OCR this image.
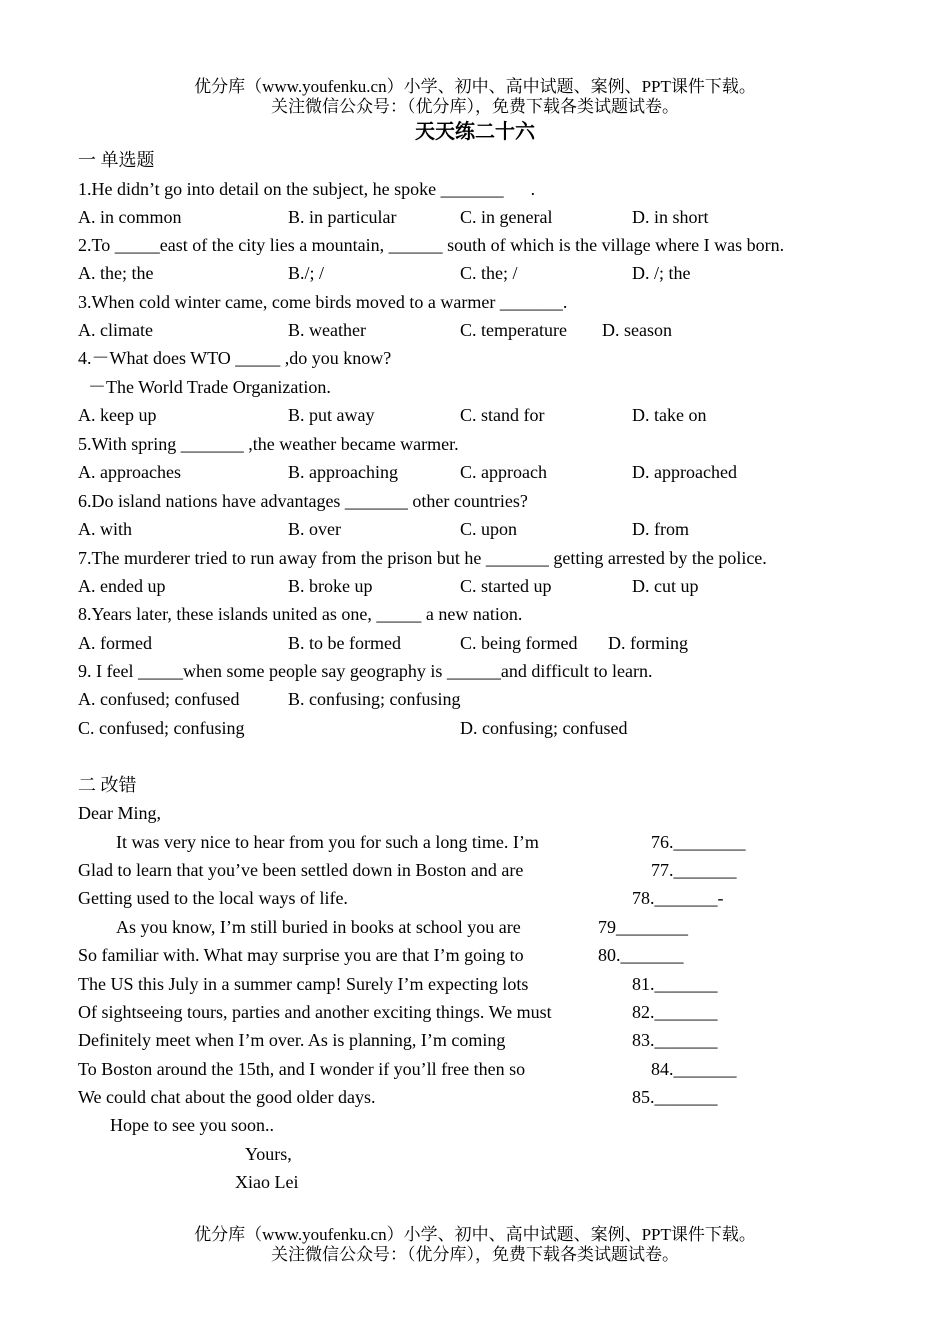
优分库（www.youfenku.cn）小学、初中、高中试题、案例、PPT课件下载。
关注微信公众号：（优分库），免费下载各类试题试卷。
天天练二十六
一 单选题
1.He didn’t go into detail on the subject, he spoke _______      .
A. in common	B. in particular	C. in general	D. in short
2.To _____east of the city lies a mountain, ______ south of which is the village where I was born.
A. the; the	B./; /	C. the; /	D. /; the
3.When cold winter came, come birds moved to a warmer _______.
A. climate	B. weather	C. temperature D. season
4.－What does WTO _____ ,do you know?
－The World Trade Organization.
A. keep up	B. put away	C. stand for	D. take on
5.With spring _______ ,the weather became warmer.
A. approaches	B. approaching	C. approach	D. approached
6.Do island nations have advantages _______ other countries?
A. with	B. over	C. upon	D. from
7.The murderer tried to run away from the prison but he _______ getting arrested by the police.
A. ended up	B. broke up	C. started up	D. cut up
8.Years later, these islands united as one, _____ a new nation.
A. formed	B. to be formed	C. being formed D. forming
9. I feel _____when some people say geography is ______and difficult to learn.
A. confused; confused	B. confusing; confusing
C. confused; confusing	D. confusing; confused
二 改错
Dear Ming,
It was very nice to hear from you for such a long time. I’m	76.________
Glad to learn that you’ve been settled down in Boston and are	77._______
Getting used to the local ways of life.	78._______-
As you know, I’m still buried in books at school you are	79________
So familiar with. What may surprise you are that I’m going to	80._______
The US this July in a summer camp! Surely I’m expecting lots	81._______
Of sightseeing tours, parties and another exciting things. We must	82._______
Definitely meet when I’m over. As is planning, I’m coming	83._______
To Boston around the 15th, and I wonder if you’ll free then so	84._______
We could chat about the good older days.	85._______
Hope to see you soon..
Yours,
Xiao Lei
优分库（www.youfenku.cn）小学、初中、高中试题、案例、PPT课件下载。
关注微信公众号：（优分库），免费下载各类试题试卷。
